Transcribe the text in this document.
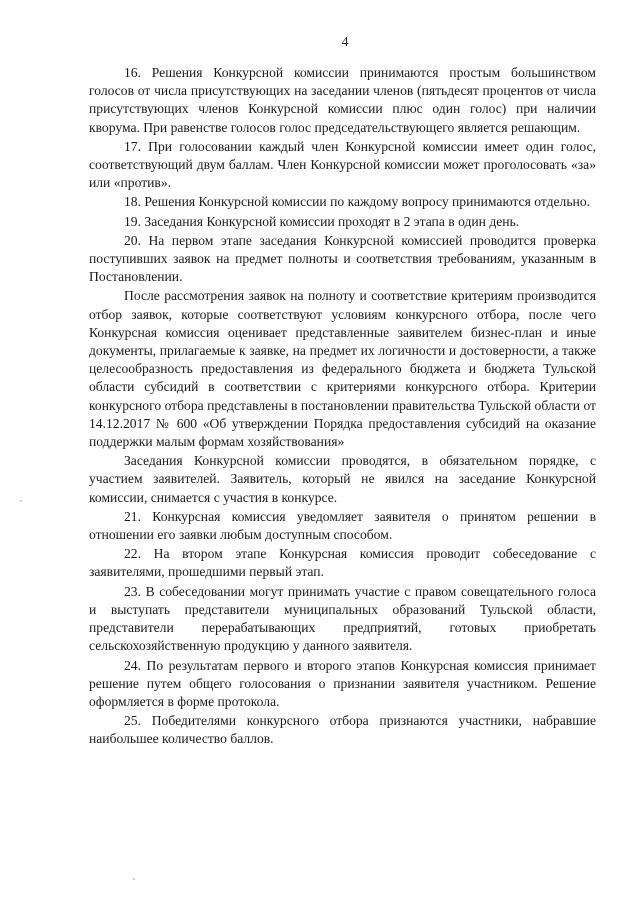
4

16. Решения Конкурсной комиссии принимаются простым большинством голосов от числа присутствующих на заседании членов (пятьдесят процентов от числа присутствующих членов Конкурсной комиссии плюс один голос) при наличии кворума. При равенстве голосов голос председательствующего является решающим.

17. При голосовании каждый член Конкурсной комиссии имеет один голос, соответствующий двум баллам. Член Конкурсной комиссии может проголосовать «за» или «против».

18. Решения Конкурсной комиссии по каждому вопросу принимаются отдельно.

19. Заседания Конкурсной комиссии проходят в 2 этапа в один день.

20. На первом этапе заседания Конкурсной комиссией проводится проверка поступивших заявок на предмет полноты и соответствия требованиям, указанным в Постановлении.

После рассмотрения заявок на полноту и соответствие критериям производится отбор заявок, которые соответствуют условиям конкурсного отбора, после чего Конкурсная комиссия оценивает представленные заявителем бизнес-план и иные документы, прилагаемые к заявке, на предмет их логичности и достоверности, а также целесообразность предоставления из федерального бюджета и бюджета Тульской области субсидий в соответствии с критериями конкурсного отбора. Критерии конкурсного отбора представлены в постановлении правительства Тульской области от 14.12.2017 № 600 «Об утверждении Порядка предоставления субсидий на оказание поддержки малым формам хозяйствования»

Заседания Конкурсной комиссии проводятся, в обязательном порядке, с участием заявителей. Заявитель, который не явился на заседание Конкурсной комиссии, снимается с участия в конкурсе.

21. Конкурсная комиссия уведомляет заявителя о принятом решении в отношении его заявки любым доступным способом.

22. На втором этапе Конкурсная комиссия проводит собеседование с заявителями, прошедшими первый этап.

23. В собеседовании могут принимать участие с правом совещательного голоса и выступать представители муниципальных образований Тульской области, представители перерабатывающих предприятий, готовых приобретать сельскохозяйственную продукцию у данного заявителя.

24. По результатам первого и второго этапов Конкурсная комиссия принимает решение путем общего голосования о признании заявителя участником. Решение оформляется в форме протокола.

25. Победителями конкурсного отбора признаются участники, набравшие наибольшее количество баллов.
